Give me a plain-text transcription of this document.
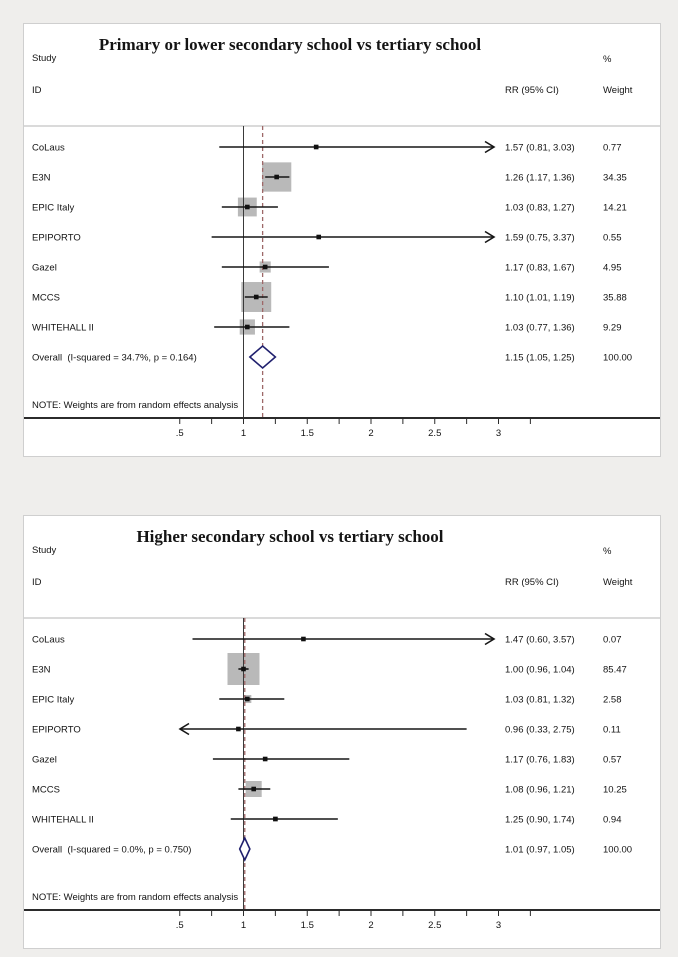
Primary or lower secondary school vs tertiary school
Study
ID
%
RR (95% CI)	Weight
NOTE: Weights are from random effects analysis
.5	1	1.5	2	2.5	3
CoLaus	1.57 (0.81, 3.03)	0.77
E3N	1.26 (1.17, 1.36)	34.35
EPIC Italy	1.03 (0.83, 1.27)	14.21
EPIPORTO	1.59 (0.75, 3.37)	0.55
Gazel	1.17 (0.83, 1.67)	4.95
MCCS	1.10 (1.01, 1.19)	35.88
WHITEHALL II	1.03 (0.77, 1.36)	9.29
Overall  (I-squared = 34.7%, p = 0.164)	1.15 (1.05, 1.25)	100.00
Higher secondary school vs tertiary school
Study
ID
%
RR (95% CI)	Weight
NOTE: Weights are from random effects analysis
.5	1	1.5	2	2.5	3
CoLaus	1.47 (0.60, 3.57)	0.07
E3N	1.00 (0.96, 1.04)	85.47
EPIC Italy	1.03 (0.81, 1.32)	2.58
EPIPORTO	0.96 (0.33, 2.75)	0.11
Gazel	1.17 (0.76, 1.83)	0.57
MCCS	1.08 (0.96, 1.21)	10.25
WHITEHALL II	1.25 (0.90, 1.74)	0.94
Overall  (I-squared = 0.0%, p = 0.750)	1.01 (0.97, 1.05)	100.00
